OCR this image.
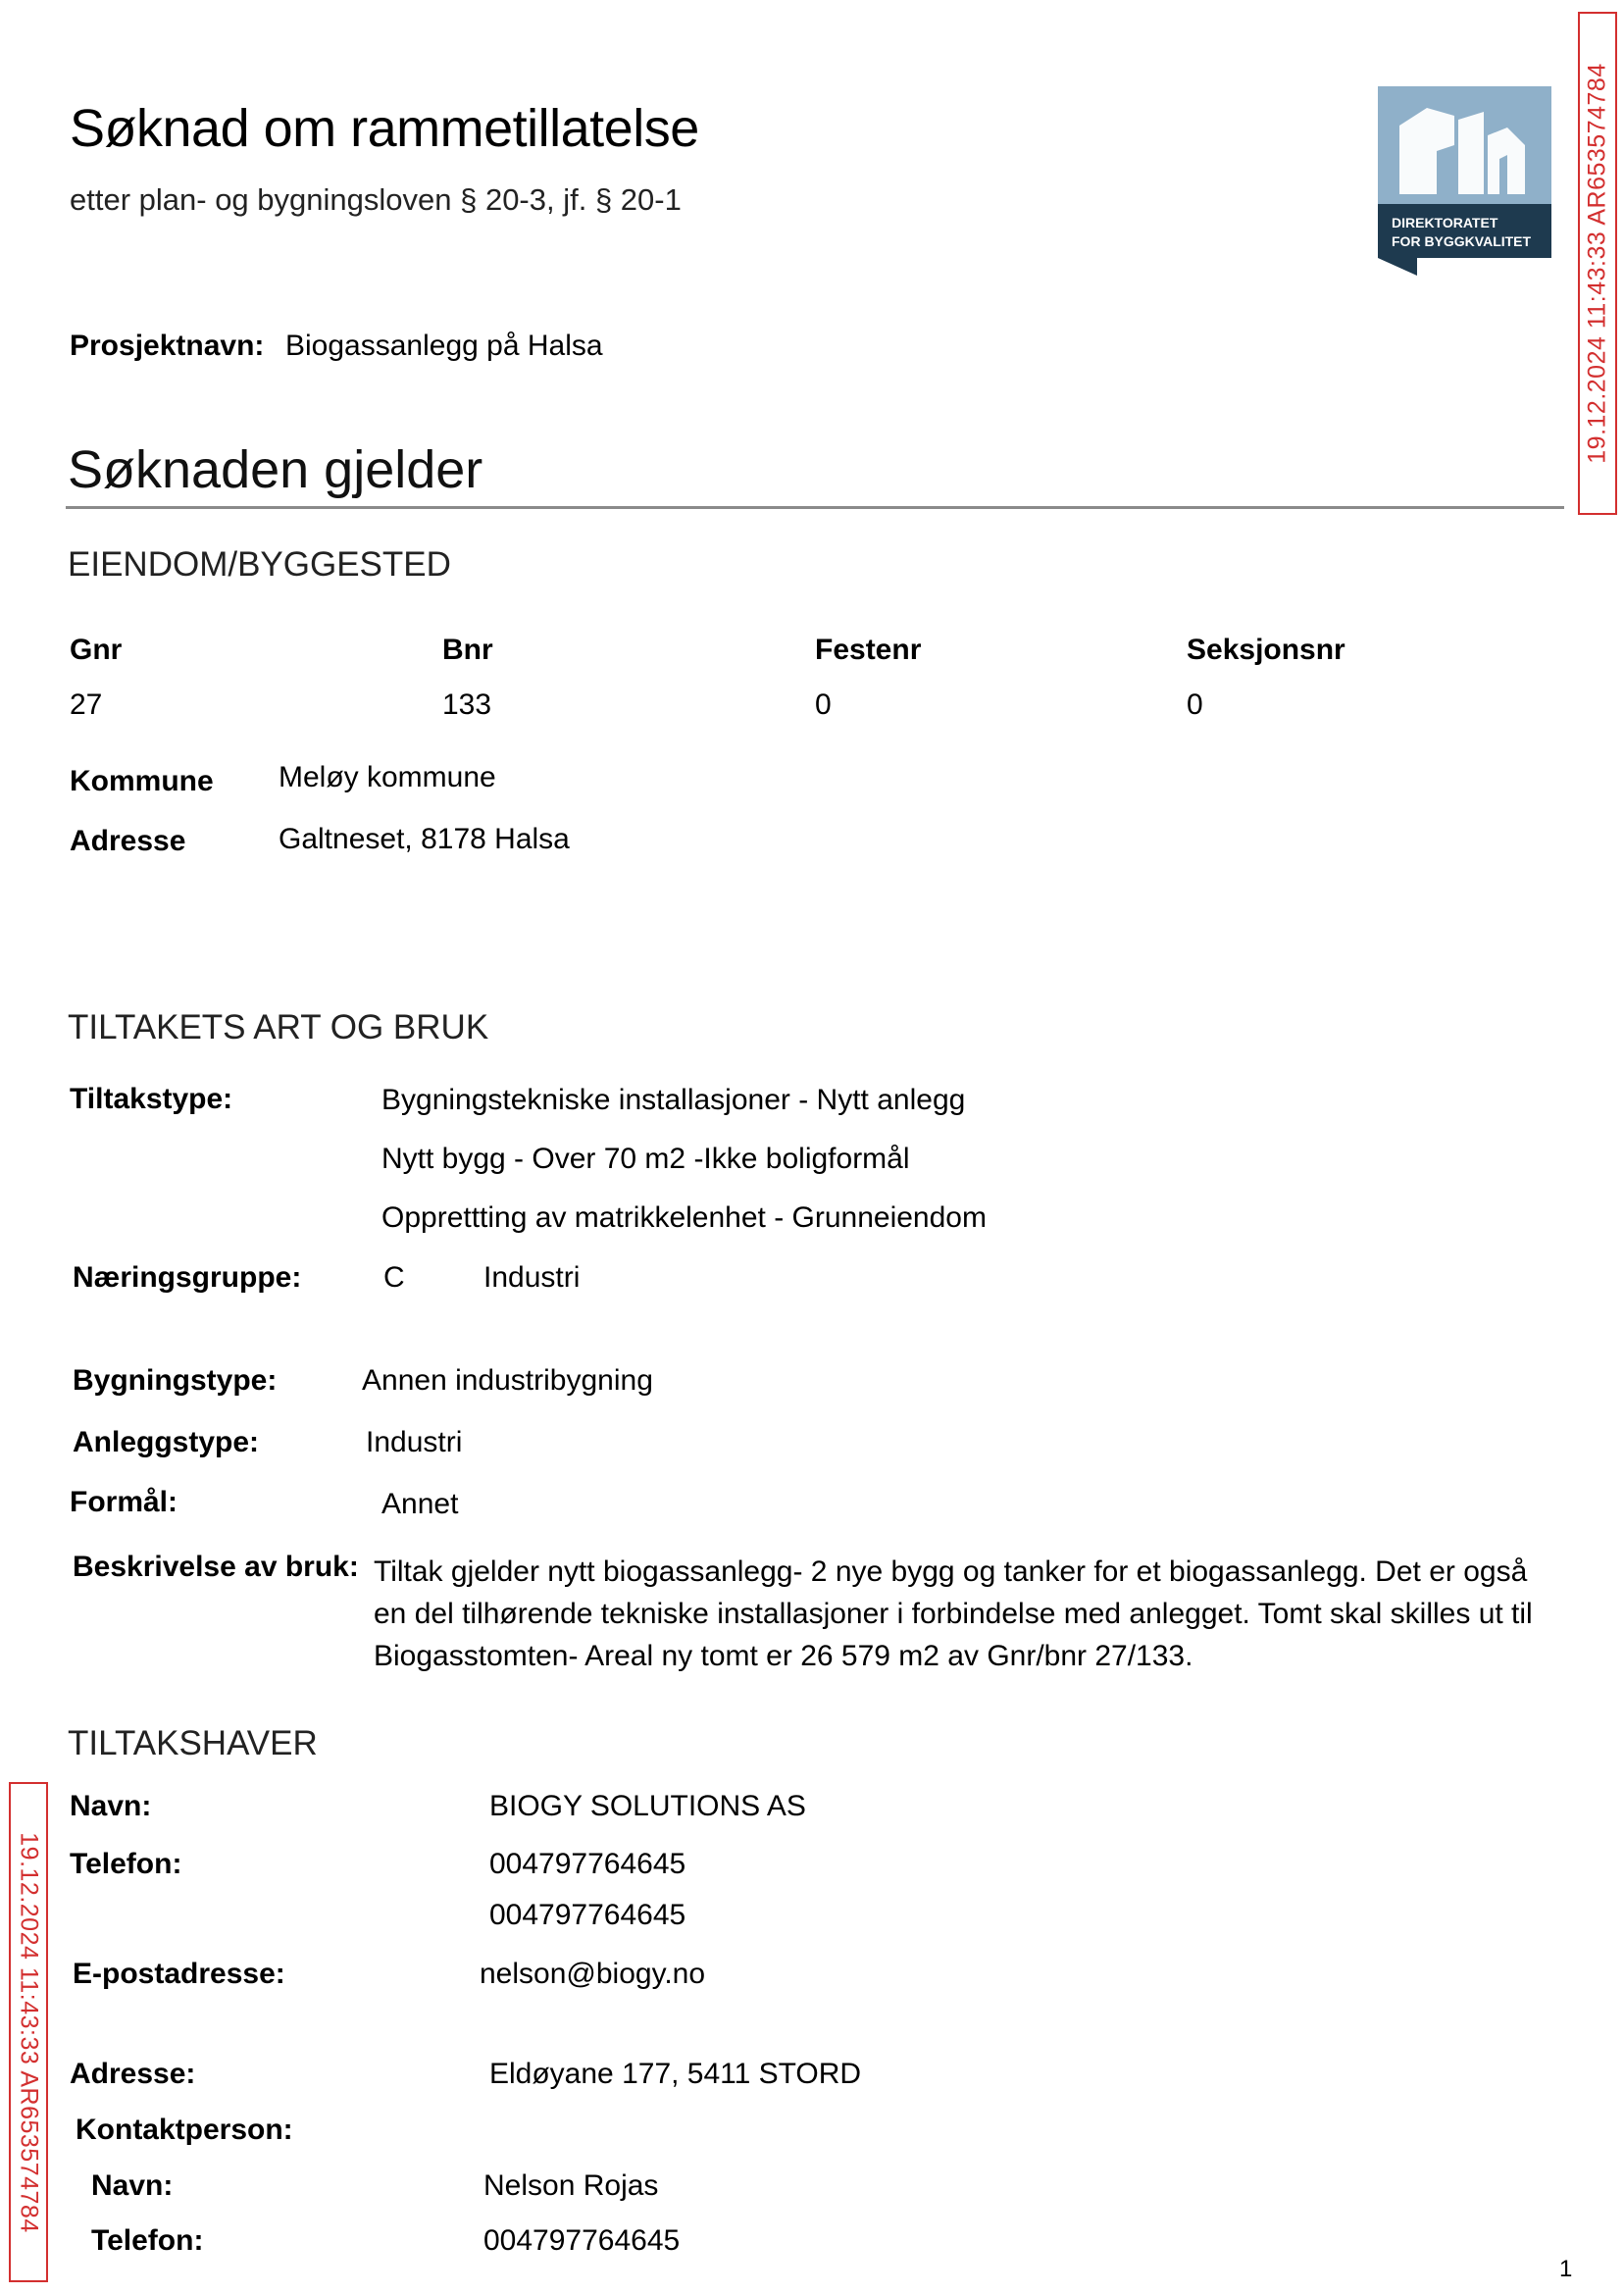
Søknad om rammetillatelse
etter plan- og bygningsloven § 20-3, jf. § 20-1
DIREKTORATET
FOR BYGGKVALITET 19.12.2024 11:43:33 AR653574784
19.12.2024 11:43:33 AR653574784
Prosjektnavn: Biogassanlegg på Halsa
Søknaden gjelder
EIENDOM/BYGGESTED
Gnr	Bnr	Festenr	Seksjonsnr
27	133	0	0
Kommune Meløy kommune
Adresse	Galtneset, 8178 Halsa
TILTAKETS ART OG BRUK
Tiltakstype:	Bygningstekniske installasjoner - Nytt anlegg
Nytt bygg - Over 70 m2 -Ikke boligformål
Opprettting av matrikkelenhet - Grunneiendom
Næringsgruppe:	C	Industri
Bygningstype:	Annen industribygning
Anleggstype:	Industri
Formål:	Annet
Beskrivelse av bruk: Tiltak gjelder nytt biogassanlegg- 2 nye bygg og tanker for et biogassanlegg. Det er også en del tilhørende tekniske installasjoner i forbindelse med anlegget. Tomt skal skilles ut til Biogasstomten- Areal ny tomt er 26 579 m2 av Gnr/bnr 27/133.
TILTAKSHAVER
Navn:	BIOGY SOLUTIONS AS
Telefon:	004797764645
004797764645
E-postadresse:	nelson@biogy.no
Adresse:	Eldøyane 177, 5411 STORD
Kontaktperson:
Navn:	Nelson Rojas
Telefon:	004797764645
1
